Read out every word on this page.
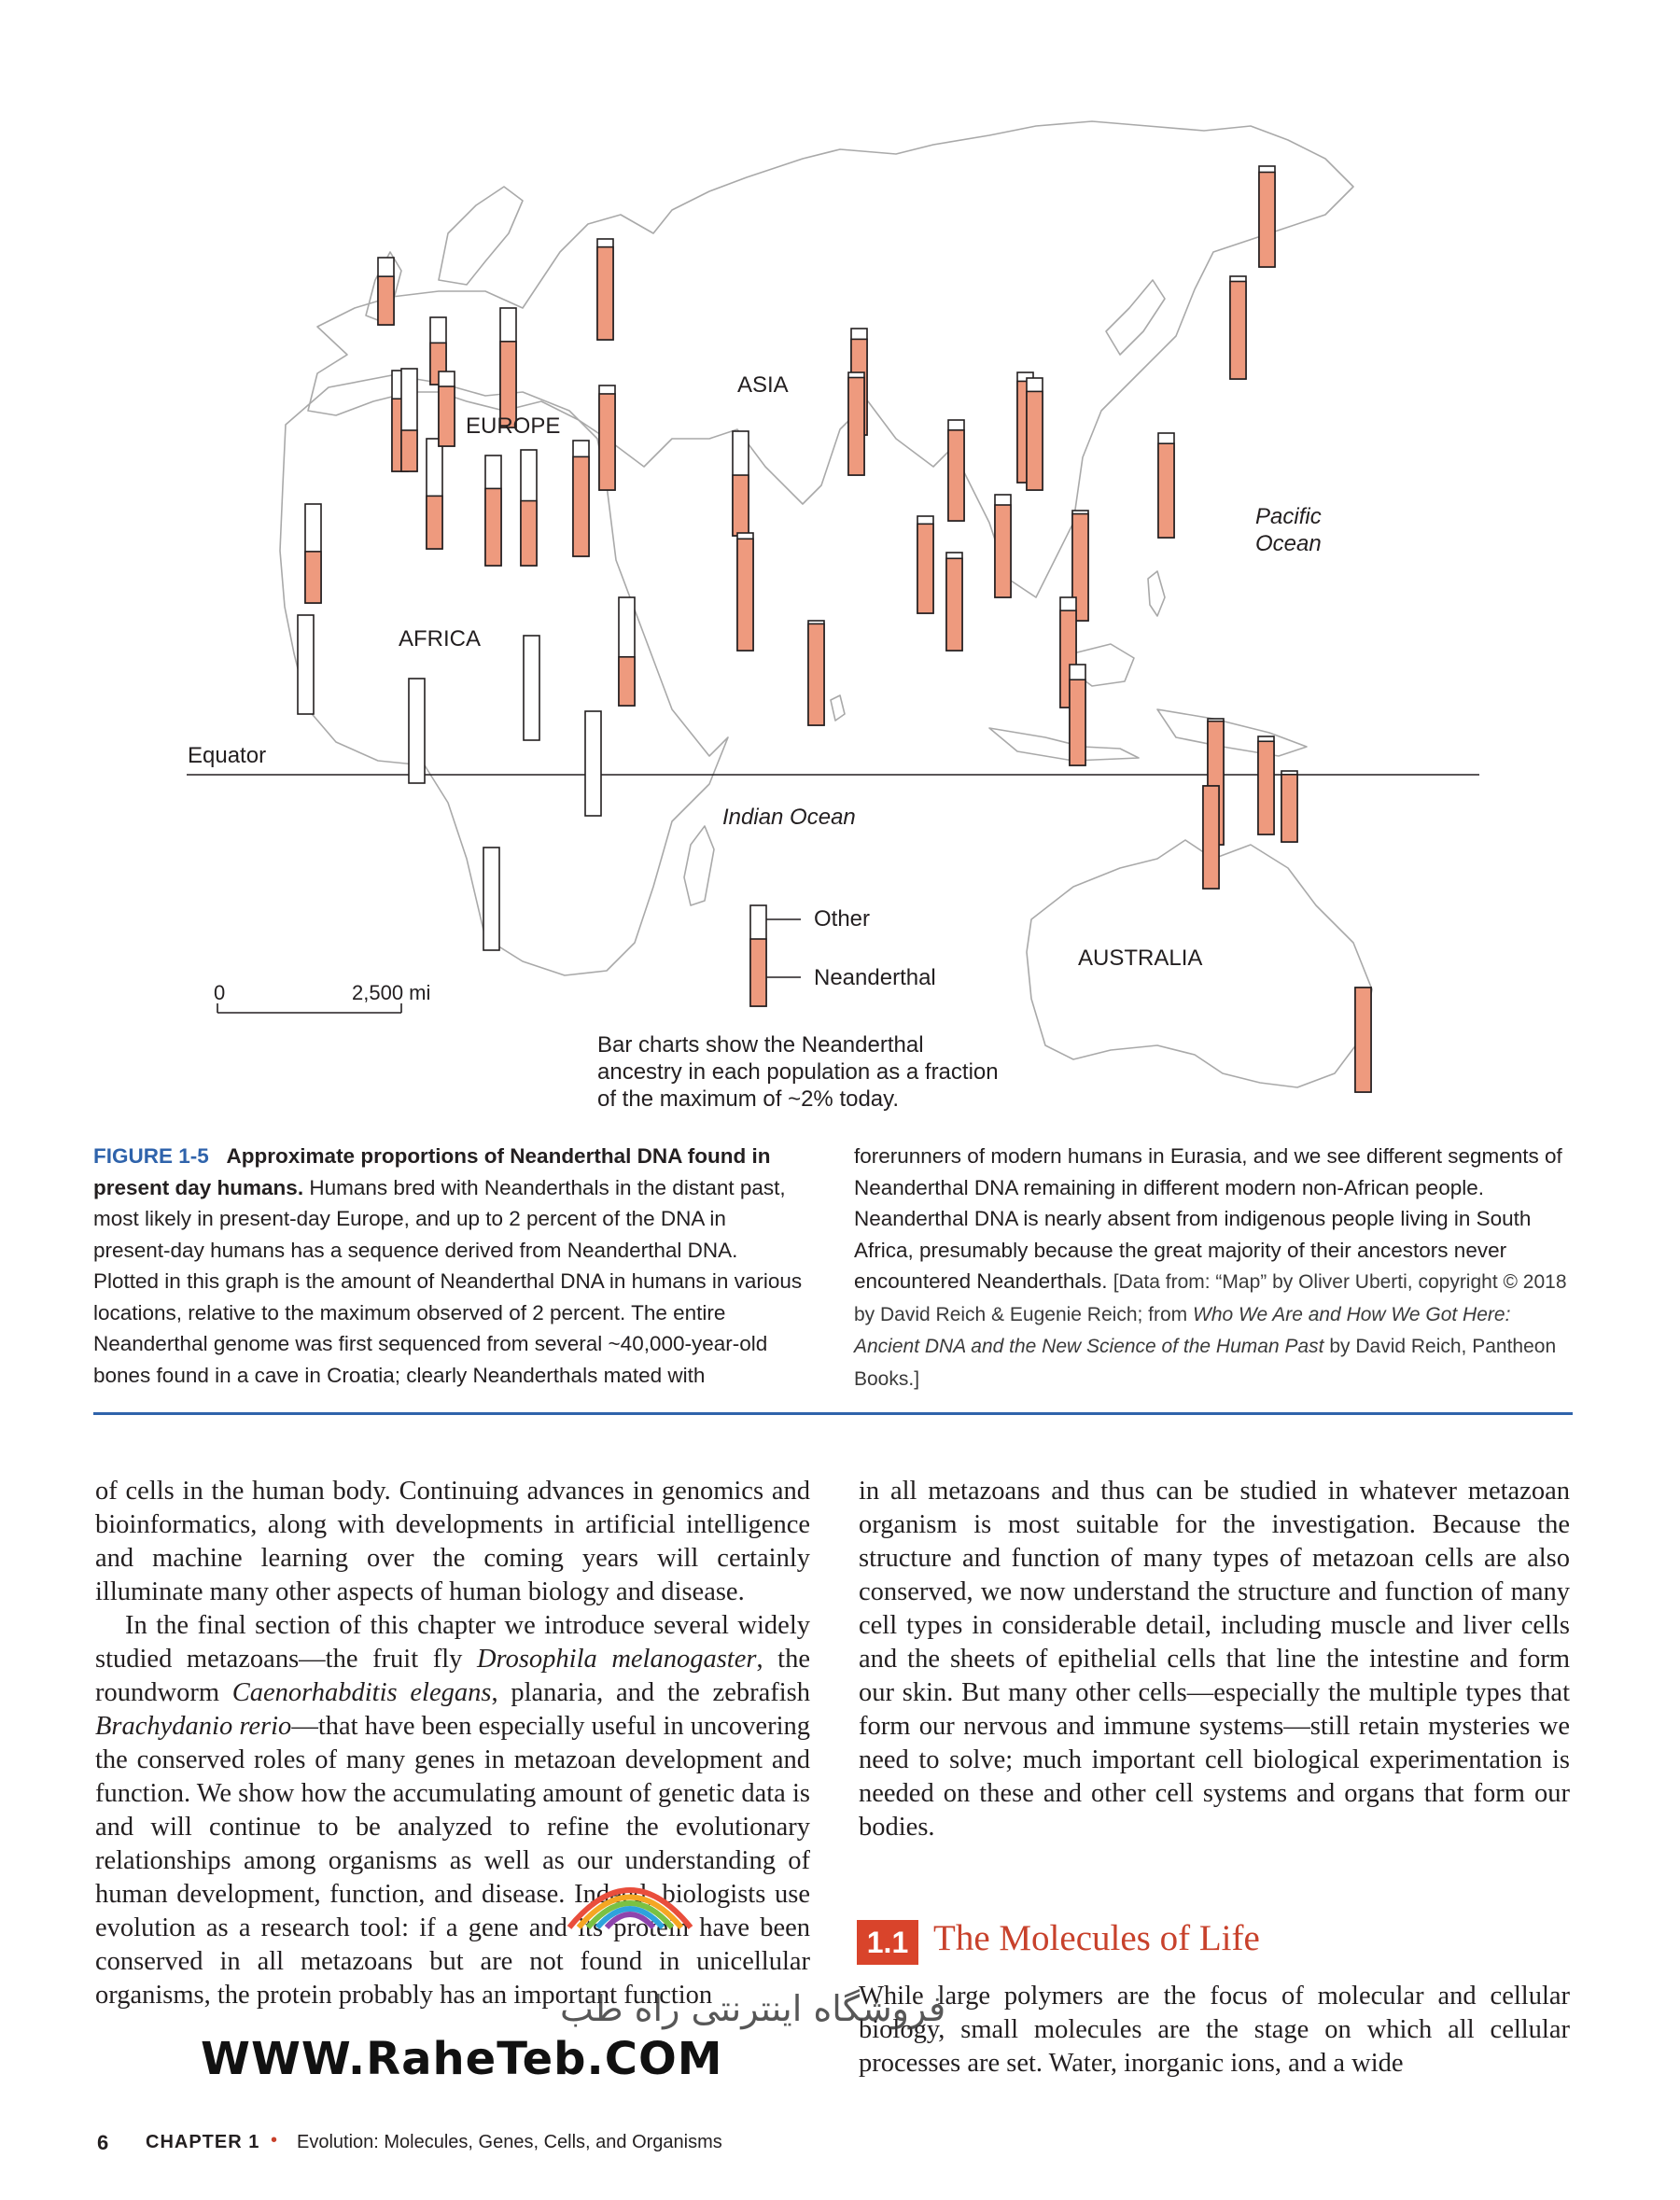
ASIA
EUROPE
AFRICA
Pacific
Ocean
Equator
Indian Ocean
AUSTRALIA
0	2,500 mi
Other
Neanderthal
Bar charts show the Neanderthal
ancestry in each population as a fraction
of the maximum of ~2% today.
FIGURE 1-5 Approximate proportions of Neanderthal DNA found in present day humans. Humans bred with Neanderthals in the distant past, most likely in present-day Europe, and up to 2 percent of the DNA in present-day humans has a sequence derived from Neanderthal DNA. Plotted in this graph is the amount of Neanderthal DNA in humans in various locations, relative to the maximum observed of 2 percent. The entire Neanderthal genome was first sequenced from several ~40,000-year-old bones found in a cave in Croatia; clearly Neanderthals mated with forerunners of modern humans in Eurasia, and we see different segments of Neanderthal DNA remaining in different modern non-African people. Neanderthal DNA is nearly absent from indigenous people living in South Africa, presumably because the great majority of their ancestors never encountered Neanderthals. [Data from: “Map” by Oliver Uberti, copyright © 2018 by David Reich & Eugenie Reich; from Who We Are and How We Got Here: Ancient DNA and the New Science of the Human Past by David Reich, Pantheon Books.]

of cells in the human body. Continuing advances in genomics and bioinformatics, along with developments in artificial intelligence and machine learning over the coming years will certainly illuminate many other aspects of human biology and disease.

In the final section of this chapter we introduce several widely studied metazoans—the fruit fly Drosophila melanogaster, the roundworm Caenorhabditis elegans, planaria, and the zebrafish Brachydanio rerio—that have been especially useful in uncovering the conserved roles of many genes in metazoan development and function. We show how the accumulating amount of genetic data is and will continue to be analyzed to refine the evolutionary relationships among organisms as well as our understanding of human development, function, and disease. Indeed, biologists use evolution as a research tool: if a gene and its protein have been conserved in all metazoans but are not found in unicellular organisms, the protein probably has an important function

in all metazoans and thus can be studied in whatever metazoan organism is most suitable for the investigation. Because the structure and function of many types of metazoan cells are also conserved, we now understand the structure and function of many cell types in considerable detail, including muscle and liver cells and the sheets of epithelial cells that line the intestine and form our skin. But many other cells—especially the multiple types that form our nervous and immune systems—still retain mysteries we need to solve; much important cell biological experimentation is needed on these and other cell systems and organs that form our bodies.

1.1 The Molecules of Life

While large polymers are the focus of molecular and cellular biology, small molecules are the stage on which all cellular processes are set. Water, inorganic ions, and a wide

فروشگاه اینترنتی راه طب
WWW.RaheTeb.COM
6 CHAPTER 1 • Evolution: Molecules, Genes, Cells, and Organisms
